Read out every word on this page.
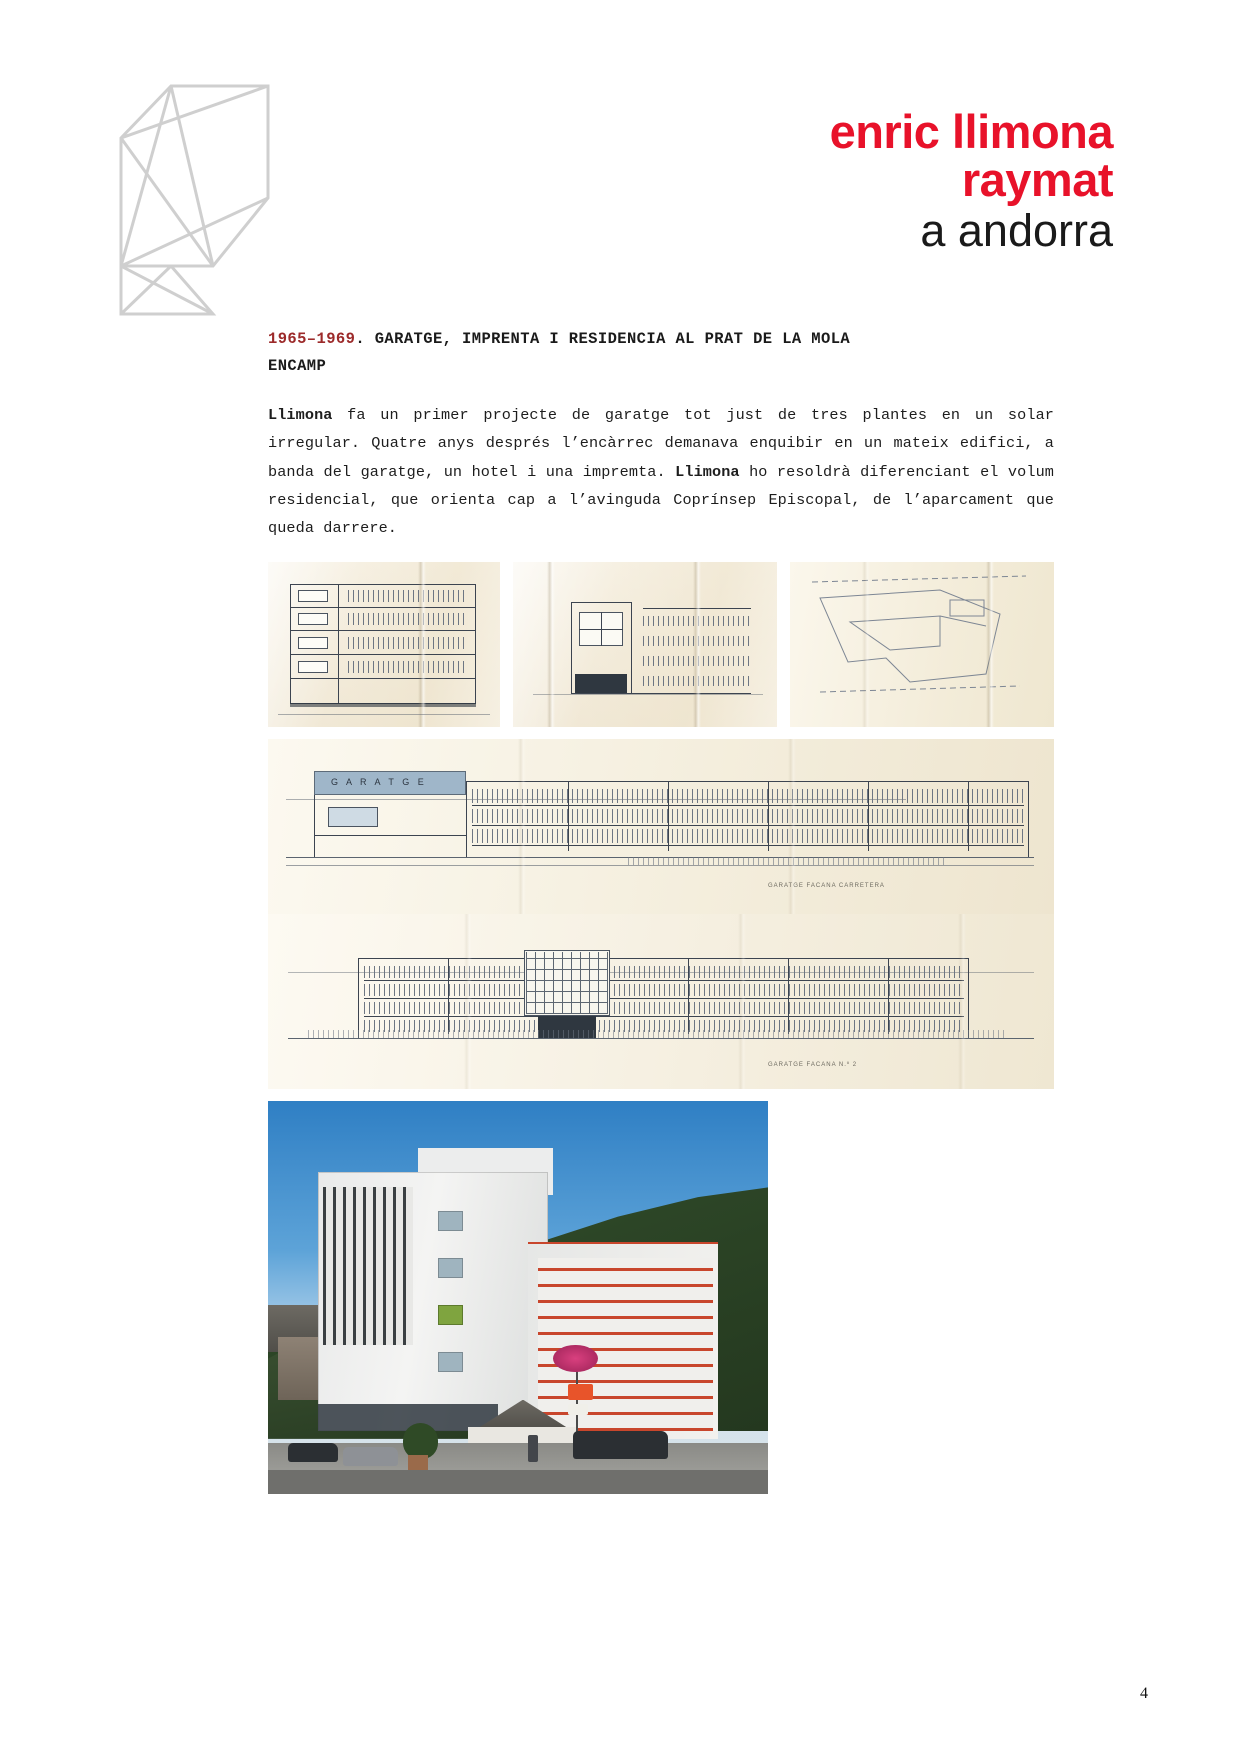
enric llimona
raymat
a andorra

1965–1969. GARATGE, IMPRENTA I RESIDENCIA AL PRAT DE LA MOLA
ENCAMP

Llimona fa un primer projecte de garatge tot just de tres plantes en un solar irregular. Quatre anys després l’encàrrec demanava enquibir en un mateix edifici, a banda del garatge, un hotel i una impremta. Llimona ho resoldrà diferenciant el volum residencial, que orienta cap a l’avinguda Coprínsep Episcopal, de l’aparcament que queda darrere.

G A R A T G E
GARATGE FACANA CARRETERA
GARATGE FACANA N.º 2
4
